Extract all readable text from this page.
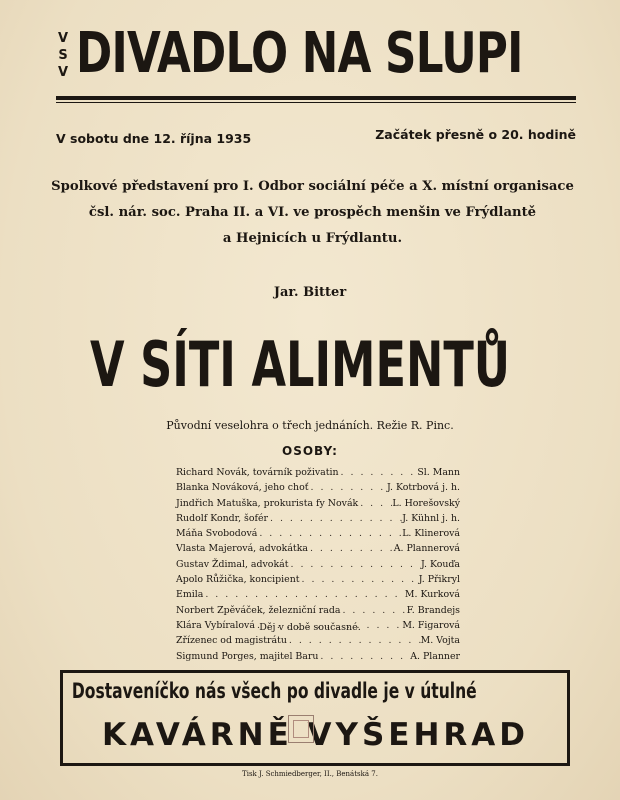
V
S
V DIVADLO NA SLUPI
V sobotu dne 12. října 1935	Začátek přesně o 20. hodině
Spolkové představení pro I. Odbor sociální péče a X. místní organisace
čsl. nár. soc. Praha II. a VI. ve prospěch menšin ve Frýdlantě
a Hejnicích u Frýdlantu.
Jar. Bitter
V SÍTI ALIMENTŮ
Původní veselohra o třech jednáních. Režie R. Pinc.
OSOBY:
Richard Novák, továrník poživatin . . .	Sl. Mann
Blanka Nováková, jeho choť . . .	J. Kotrbová j. h.
Jindřich Matuška, prokurista fy Novák . . .	L. Horešovský
Rudolf Kondr, šofér . . .	J. Kühnl j. h.
Máňa Svobodová . . .	L. Klinerová
Vlasta Majerová, advokátka . . .	A. Plannerová
Gustav Ždimal, advokát . . .	J. Kouďa
Apolo Růžička, koncipient . . .	J. Přikryl
Emila . . .	M. Kurková
Norbert Zpěváček, železniční rada . . .	F. Brandejs
Klára Vybíralová . . .	M. Figarová
Zřízenec od magistrátu . . .	M. Vojta
Sigmund Porges, majitel Baru . . .	A. Planner
Děj v době současné.
Dostaveníčko nás všech po divadle je v útulné
KAVÁRNĚ VYŠEHRAD
Tisk J. Schmiedberger, II., Benátská 7.
